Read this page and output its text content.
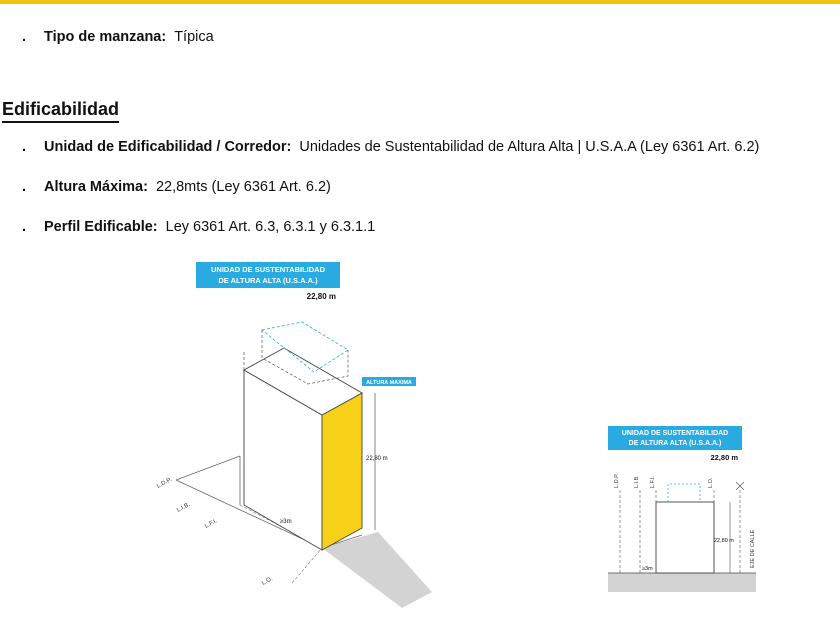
. Tipo de manzana: Típica
Edificabilidad
. Unidad de Edificabilidad / Corredor: Unidades de Sustentabilidad de Altura Alta | U.S.A.A (Ley 6361 Art. 6.2)
. Altura Máxima: 22,8mts (Ley 6361 Art. 6.2)
. Perfil Edificable: Ley 6361 Art. 6.3, 6.3.1 y 6.3.1.1
UNIDAD DE SUSTENTABILIDAD
DE ALTURA ALTA (U.S.A.A.)
22,80 m
ALTURA MAXIMA
22,80 m
≥3m
L.D.P.
L.I.B.
L.F.I.
L.O.
UNIDAD DE SUSTENTABILIDAD
DE ALTURA ALTA (U.S.A.A.)
22,80 m
L.D.P.	L.I.B. L.F.I.	L.O.
EJE DE CALLE
22,80 m
≥3m
